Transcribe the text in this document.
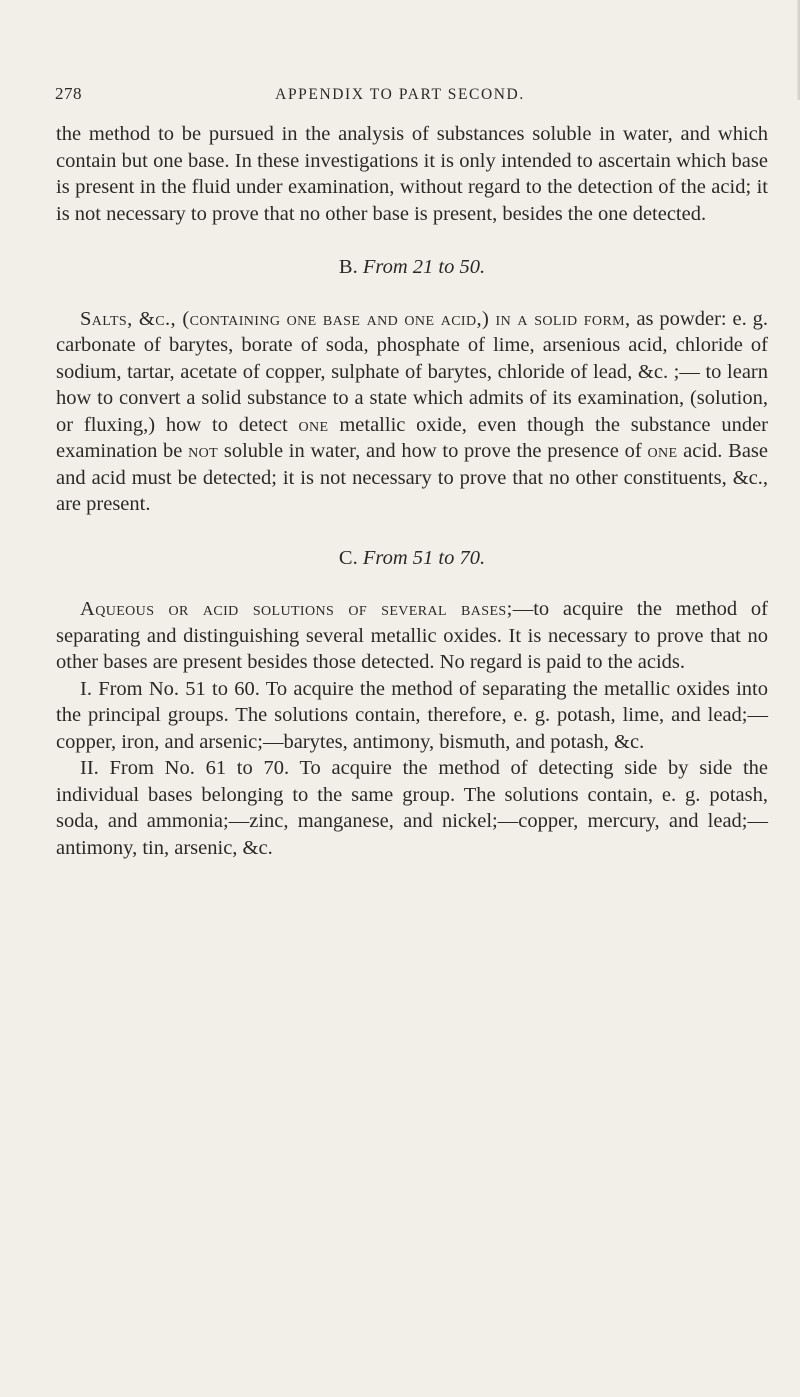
278	APPENDIX TO PART SECOND.

the method to be pursued in the analysis of substances soluble in water, and which contain but one base. In these investigations it is only intended to ascertain which base is present in the fluid under examination, without regard to the detection of the acid; it is not necessary to prove that no other base is present, besides the one detected.

B. From 21 to 50.

Salts, &c., (containing one base and one acid,) in a solid form, as powder: e. g. carbonate of barytes, borate of soda, phosphate of lime, arsenious acid, chloride of sodium, tartar, acetate of copper, sulphate of barytes, chloride of lead, &c. ;— to learn how to convert a solid substance to a state which admits of its examination, (solution, or fluxing,) how to detect one metallic oxide, even though the substance under examination be not soluble in water, and how to prove the presence of one acid. Base and acid must be detected; it is not necessary to prove that no other constituents, &c., are present.

C. From 51 to 70.

Aqueous or acid solutions of several bases;—to acquire the method of separating and distinguishing several metallic oxides. It is necessary to prove that no other bases are present besides those detected. No regard is paid to the acids.

I. From No. 51 to 60. To acquire the method of separating the metallic oxides into the principal groups. The solutions contain, therefore, e. g. potash, lime, and lead;—copper, iron, and arsenic;—barytes, antimony, bismuth, and potash, &c.

II. From No. 61 to 70. To acquire the method of detecting side by side the individual bases belonging to the same group. The solutions contain, e. g. potash, soda, and ammonia;—zinc, manganese, and nickel;—copper, mercury, and lead;—antimony, tin, arsenic, &c.
